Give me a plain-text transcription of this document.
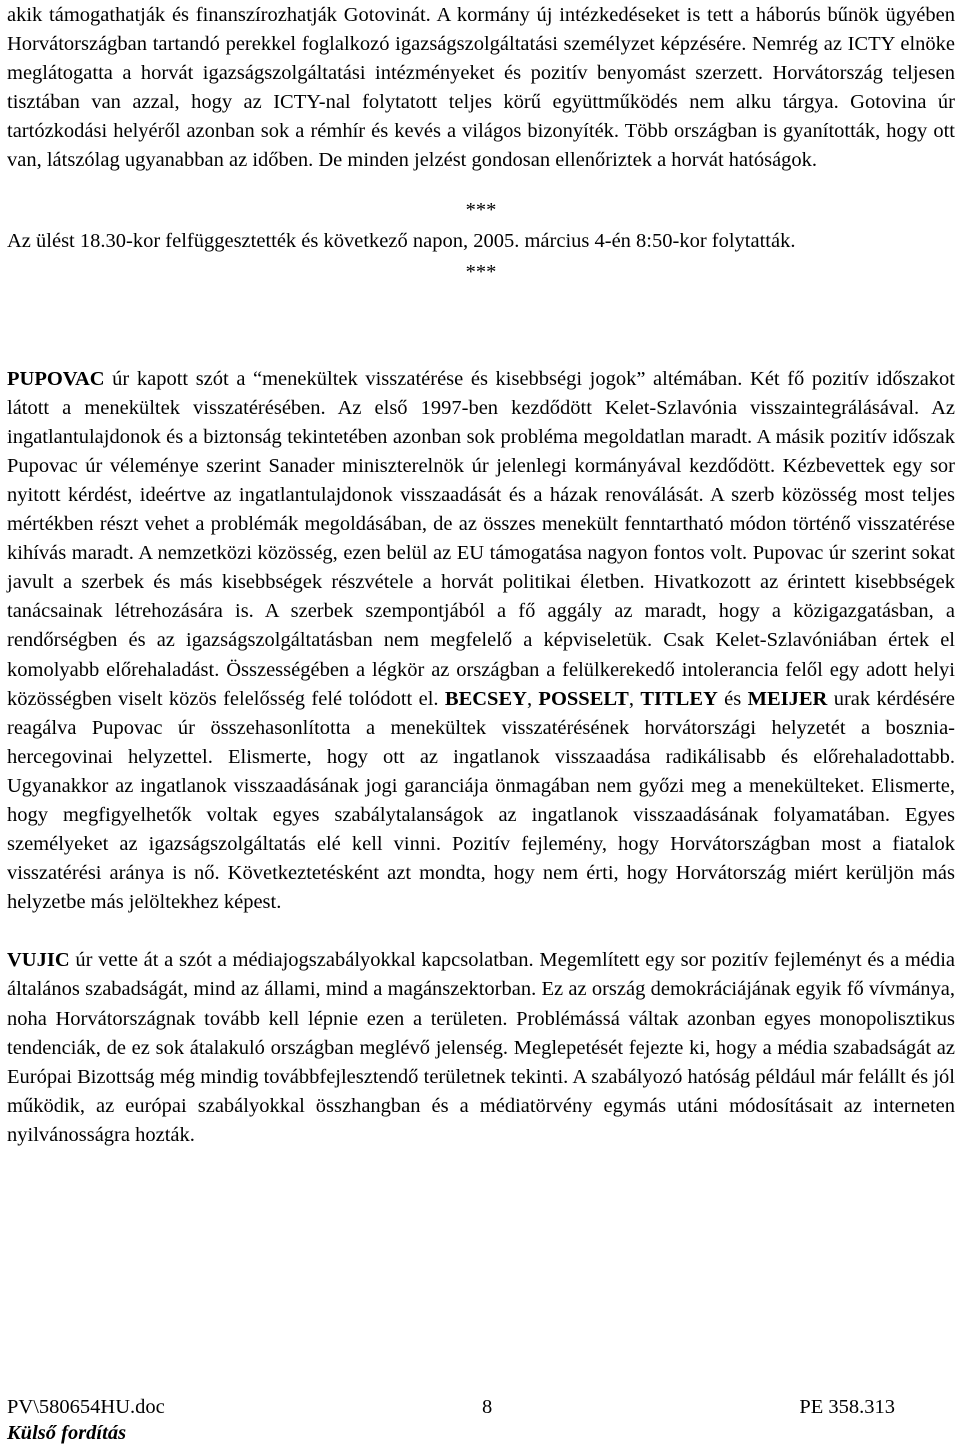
akik támogathatják és finanszírozhatják Gotovinát. A kormány új intézkedéseket is tett a háborús bűnök ügyében Horvátországban tartandó perekkel foglalkozó igazságszolgáltatási személyzet képzésére. Nemrég az ICTY elnöke meglátogatta a horvát igazságszolgáltatási intézményeket és pozitív benyomást szerzett. Horvátország teljesen tisztában van azzal, hogy az ICTY-nal folytatott teljes körű együttműködés nem alku tárgya. Gotovina úr tartózkodási helyéről azonban sok a rémhír és kevés a világos bizonyíték. Több országban is gyanították, hogy ott van, látszólag ugyanabban az időben. De minden jelzést gondosan ellenőriztek a horvát hatóságok.

***

Az ülést 18.30-kor felfüggesztették és következő napon, 2005. március 4-én 8:50-kor folytatták.

***

PUPOVAC úr kapott szót a “menekültek visszatérése és kisebbségi jogok” altémában. Két fő pozitív időszakot látott a menekültek visszatérésében. Az első 1997-ben kezdődött Kelet-Szlavónia visszaintegrálásával. Az ingatlantulajdonok és a biztonság tekintetében azonban sok probléma megoldatlan maradt. A másik pozitív időszak Pupovac úr véleménye szerint Sanader miniszterelnök úr jelenlegi kormányával kezdődött. Kézbevettek egy sor nyitott kérdést, ideértve az ingatlantulajdonok visszaadását és a házak renoválását. A szerb közösség most teljes mértékben részt vehet a problémák megoldásában, de az összes menekült fenntartható módon történő visszatérése kihívás maradt. A nemzetközi közösség, ezen belül az EU támogatása nagyon fontos volt. Pupovac úr szerint sokat javult a szerbek és más kisebbségek részvétele a horvát politikai életben. Hivatkozott az érintett kisebbségek tanácsainak létrehozására is. A szerbek szempontjából a fő aggály az maradt, hogy a közigazgatásban, a rendőrségben és az igazságszolgáltatásban nem megfelelő a képviseletük. Csak Kelet-Szlavóniában értek el komolyabb előrehaladást. Összességében a légkör az országban a felülkerekedő intolerancia felől egy adott helyi közösségben viselt közös felelősség felé tolódott el. BECSEY, POSSELT, TITLEY és MEIJER urak kérdésére reagálva Pupovac úr összehasonlította a menekültek visszatérésének horvátországi helyzetét a bosznia-hercegovinai helyzettel. Elismerte, hogy ott az ingatlanok visszaadása radikálisabb és előrehaladottabb. Ugyanakkor az ingatlanok visszaadásának jogi garanciája önmagában nem győzi meg a menekülteket. Elismerte, hogy megfigyelhetők voltak egyes szabálytalanságok az ingatlanok visszaadásának folyamatában. Egyes személyeket az igazságszolgáltatás elé kell vinni. Pozitív fejlemény, hogy Horvátországban most a fiatalok visszatérési aránya is nő. Következtetésként azt mondta, hogy nem érti, hogy Horvátország miért kerüljön más helyzetbe más jelöltekhez képest.

VUJIC úr vette át a szót a médiajogszabályokkal kapcsolatban. Megemlített egy sor pozitív fejleményt és a média általános szabadságát, mind az állami, mind a magánszektorban. Ez az ország demokráciájának egyik fő vívmánya, noha Horvátországnak tovább kell lépnie ezen a területen. Problémássá váltak azonban egyes monopolisztikus tendenciák, de ez sok átalakuló országban meglévő jelenség. Meglepetését fejezte ki, hogy a média szabadságát az Európai Bizottság még mindig továbbfejlesztendő területnek tekinti. A szabályozó hatóság például már felállt és jól működik, az európai szabályokkal összhangban és a médiatörvény egymás utáni módosításait az interneten nyilvánosságra hozták.

PV\580654HU.doc	8	PE 358.313
Külső fordítás
